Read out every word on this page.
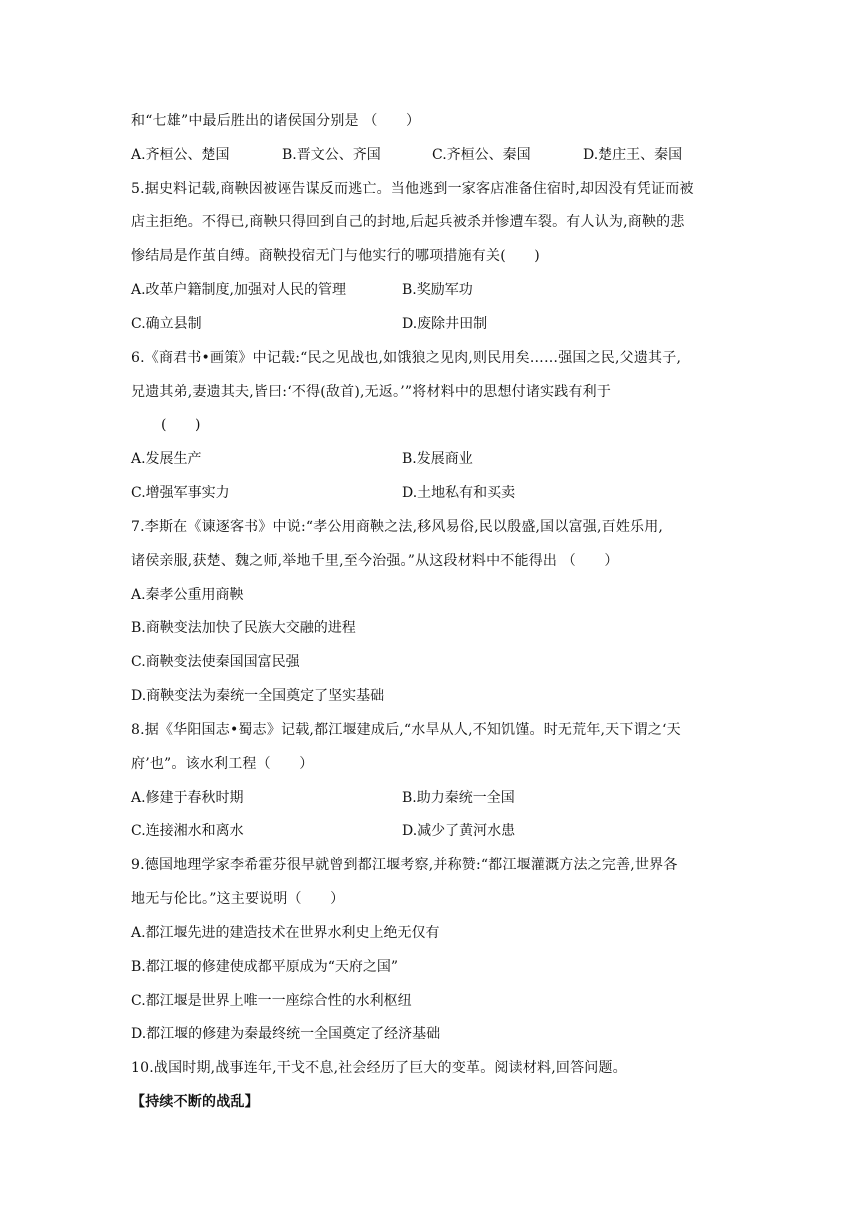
和“七雄”中最后胜出的诸侯国分别是 （　　）
A.齐桓公、楚国	B.晋文公、齐国	C.齐桓公、秦国	D.楚庄王、秦国
5.据史料记载,商鞅因被诬告谋反而逃亡。当他逃到一家客店准备住宿时,却因没有凭证而被
店主拒绝。不得已,商鞅只得回到自己的封地,后起兵被杀并惨遭车裂。有人认为,商鞅的悲
惨结局是作茧自缚。商鞅投宿无门与他实行的哪项措施有关(　　)
A.改革户籍制度,加强对人民的管理	B.奖励军功
C.确立县制	D.废除井田制
6.《商君书•画策》中记载:“民之见战也,如饿狼之见肉,则民用矣……强国之民,父遗其子,
兄遗其弟,妻遗其夫,皆曰:‘不得(敌首),无返。’”将材料中的思想付诸实践有利于
(　　)
A.发展生产	B.发展商业
C.增强军事实力	D.土地私有和买卖
7.李斯在《谏逐客书》中说:“孝公用商鞅之法,移风易俗,民以殷盛,国以富强,百姓乐用,
诸侯亲服,获楚、魏之师,举地千里,至今治强。”从这段材料中不能得出 （　　）
A.秦孝公重用商鞅
B.商鞅变法加快了民族大交融的进程
C.商鞅变法使秦国国富民强
D.商鞅变法为秦统一全国奠定了坚实基础
8.据《华阳国志•蜀志》记载,都江堰建成后,“水旱从人,不知饥馑。时无荒年,天下谓之‘天
府’也”。该水利工程（　　）
A.修建于春秋时期	B.助力秦统一全国
C.连接湘水和离水	D.减少了黄河水患
9.德国地理学家李希霍芬很早就曾到都江堰考察,并称赞:“都江堰灌溉方法之完善,世界各
地无与伦比。”这主要说明（　　）
A.都江堰先进的建造技术在世界水利史上绝无仅有
B.都江堰的修建使成都平原成为“天府之国”
C.都江堰是世界上唯一一座综合性的水利枢纽
D.都江堰的修建为秦最终统一全国奠定了经济基础
10.战国时期,战事连年,干戈不息,社会经历了巨大的变革。阅读材料,回答问题。
【持续不断的战乱】
